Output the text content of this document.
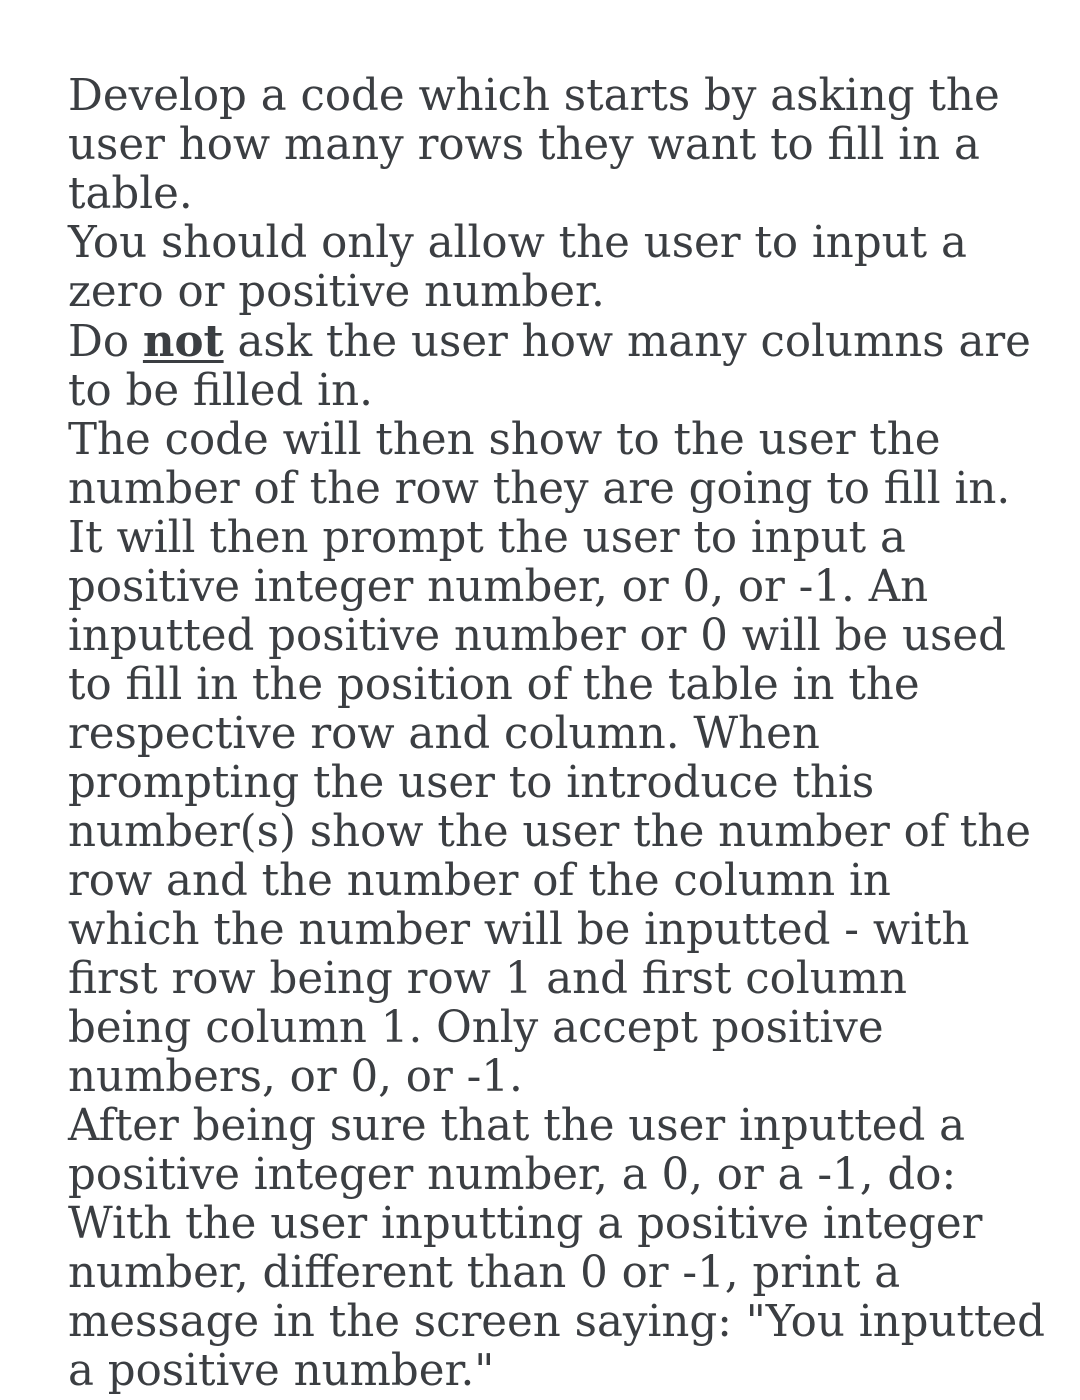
Develop a code which starts by asking the
user how many rows they want to fill in a
table.

You should only allow the user to input a
zero or positive number.

Do not ask the user how many columns are
to be filled in.

The code will then show to the user the
number of the row they are going to fill in.

It will then prompt the user to input a
positive integer number, or 0, or -1. An
inputted positive number or 0 will be used
to fill in the position of the table in the
respective row and column. When
prompting the user to introduce this
number(s) show the user the number of the
row and the number of the column in
which the number will be inputted - with
first row being row 1 and first column
being column 1. Only accept positive
numbers, or 0, or -1.

After being sure that the user inputted a
positive integer number, a 0, or a -1, do:

With the user inputting a positive integer
number, different than 0 or -1, print a
message in the screen saying: "You inputted
a positive number."
